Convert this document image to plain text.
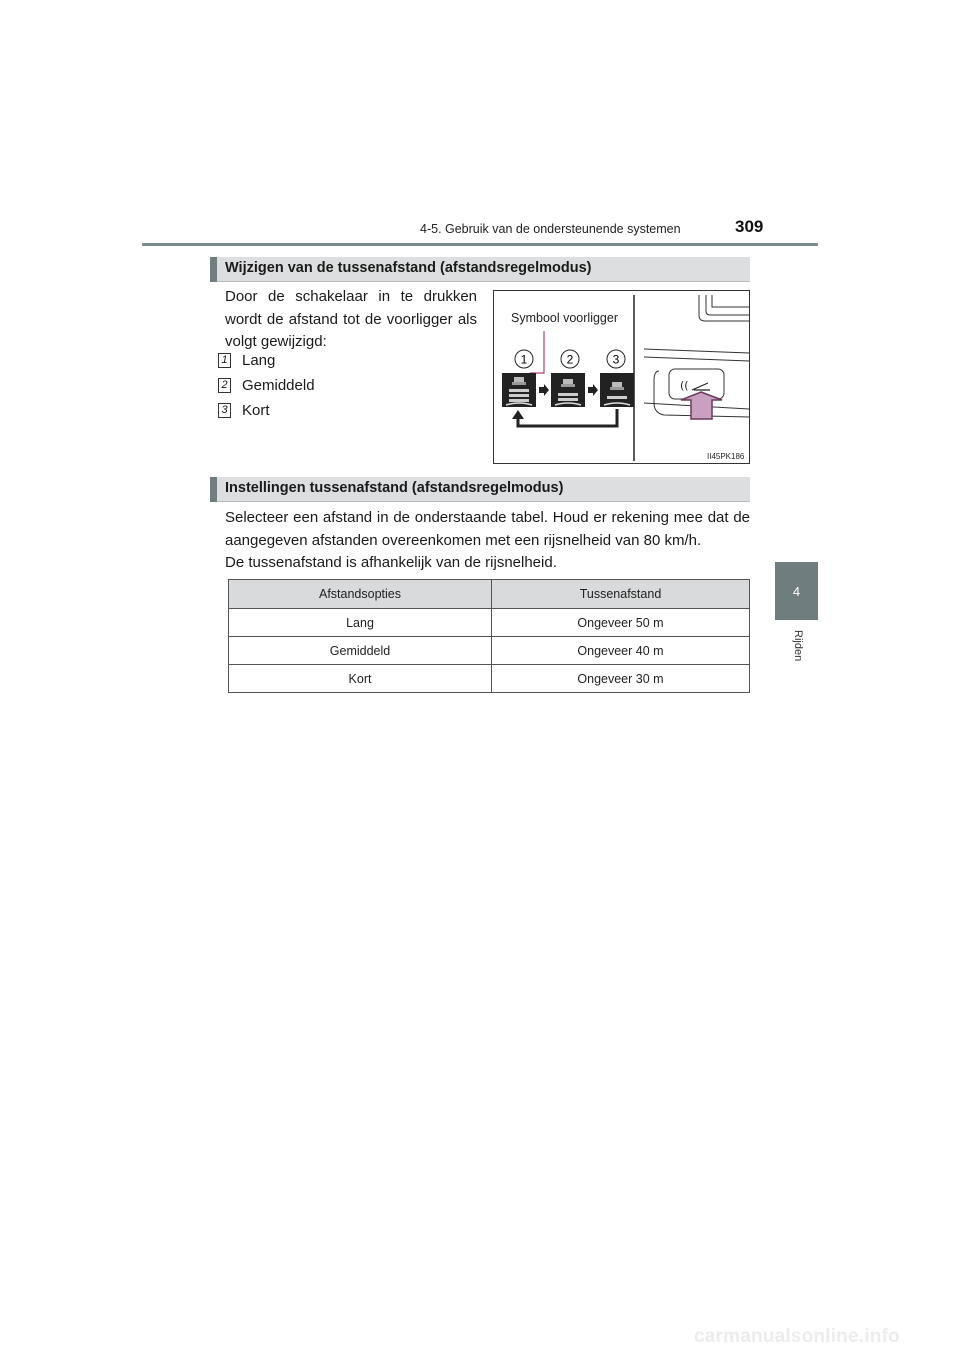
4-5. Gebruik van de ondersteunende systemen	309
4
Rijden
Wijzigen van de tussenafstand (afstandsregelmodus)
Door de schakelaar in te drukken wordt de afstand tot de voorligger als volgt gewijzigd:
1 Lang
2 Gemiddeld
3 Kort
1	2	3
((
Symbool voorligger
II45PK186
Instellingen tussenafstand (afstandsregelmodus)
Selecteer een afstand in de onderstaande tabel. Houd er rekening mee dat de aangegeven afstanden overeenkomen met een rijsnelheid van 80 km/h.
De tussenafstand is afhankelijk van de rijsnelheid.
Afstandsopties	Tussenafstand
Lang	Ongeveer 50 m
Gemiddeld	Ongeveer 40 m
Kort	Ongeveer 30 m
carmanualsonline.info
